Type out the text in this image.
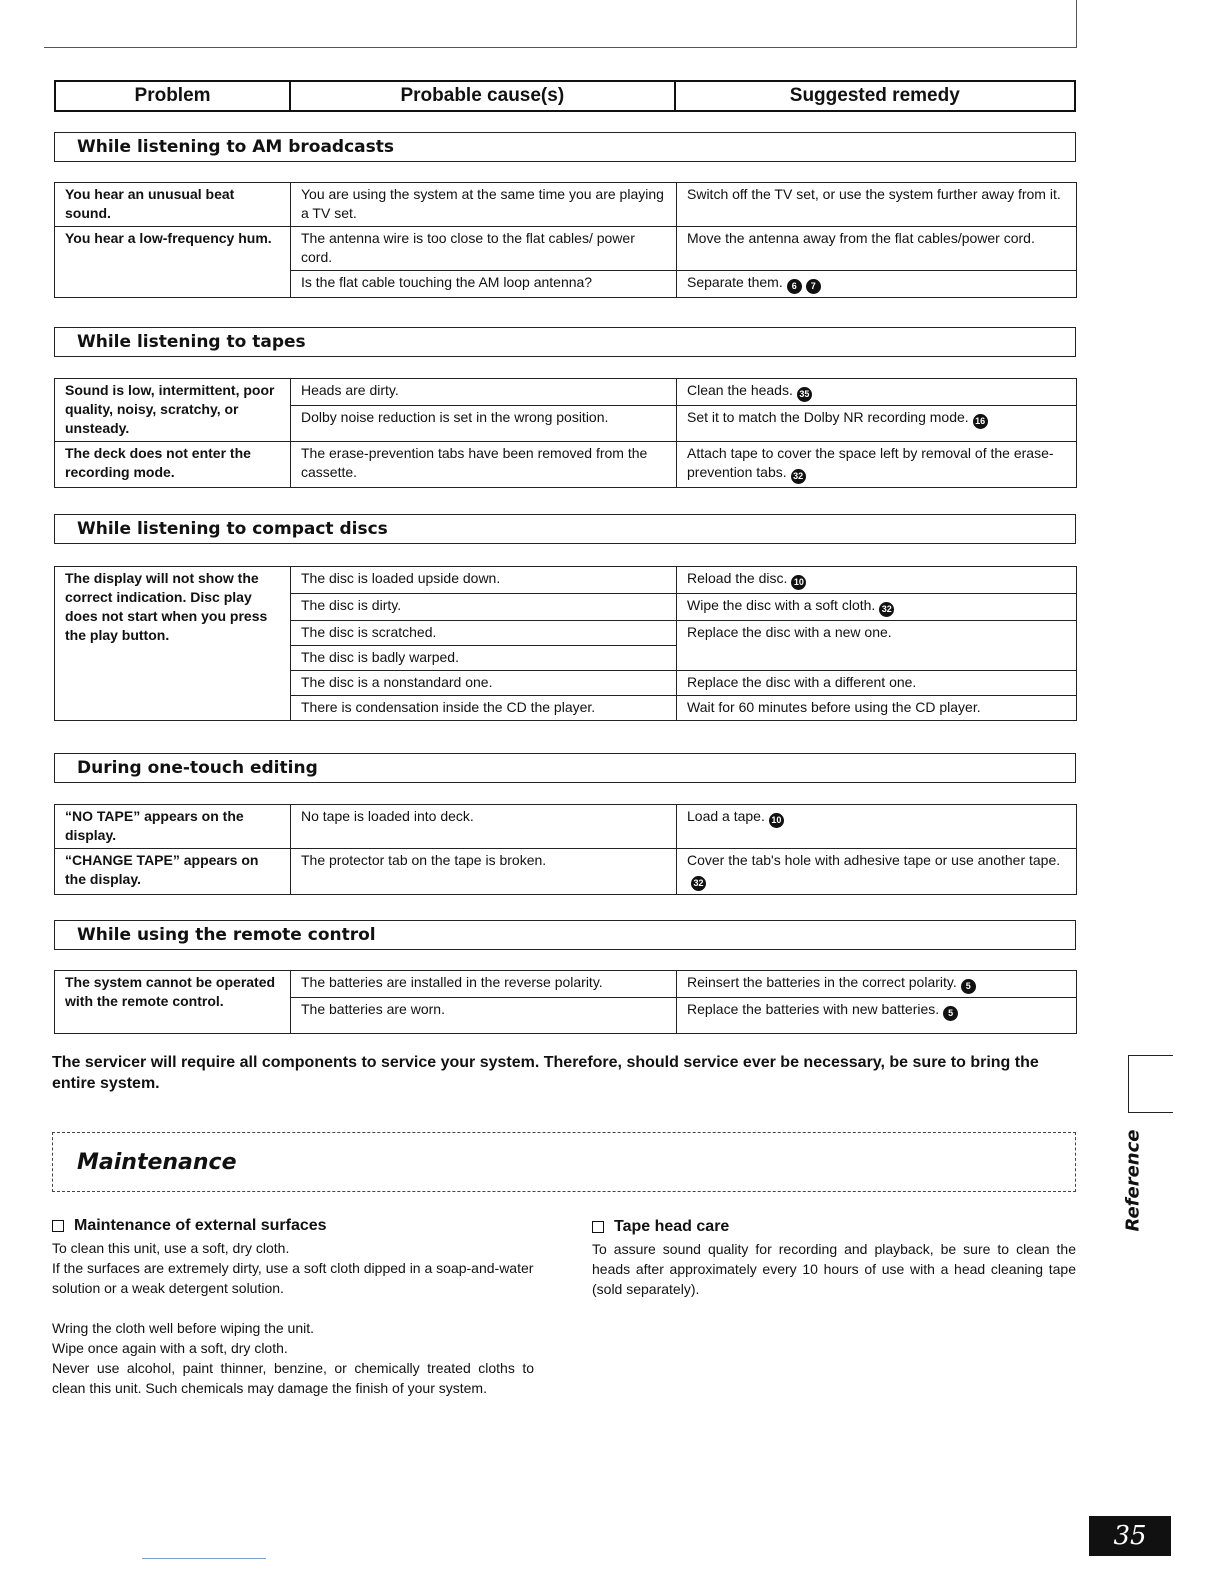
Problem	Probable cause(s)	Suggested remedy
While listening to AM broadcasts
You hear an unusual beat sound.	You are using the system at the same time you are playing a TV set.	Switch off the TV set, or use the system further away from it.
You hear a low-frequency hum.	The antenna wire is too close to the flat cables/ power cord.	Move the antenna away from the flat cables/power cord.
	Is the flat cable touching the AM loop antenna?	Separate them. 6 7
While listening to tapes
Sound is low, intermittent, poor quality, noisy, scratchy, or unsteady.	Heads are dirty.	Clean the heads. 35
	Dolby noise reduction is set in the wrong position.	Set it to match the Dolby NR recording mode. 16
The deck does not enter the recording mode.	The erase-prevention tabs have been removed from the cassette.	Attach tape to cover the space left by removal of the erase-prevention tabs. 32
While listening to compact discs
The display will not show the correct indication. Disc play does not start when you press the play button.	The disc is loaded upside down.	Reload the disc. 10
	The disc is dirty.	Wipe the disc with a soft cloth. 32
	The disc is scratched.	Replace the disc with a new one.
	The disc is badly warped.	
	The disc is a nonstandard one.	Replace the disc with a different one.
	There is condensation inside the CD the player.	Wait for 60 minutes before using the CD player.
During one-touch editing
“NO TAPE” appears on the display.	No tape is loaded into deck.	Load a tape. 10
“CHANGE TAPE” appears on the display.	The protector tab on the tape is broken.	Cover the tab's hole with adhesive tape or use another tape.32
While using the remote control
The system cannot be operated with the remote control.	The batteries are installed in the reverse polarity.	Reinsert the batteries in the correct polarity. 5
	The batteries are worn.	Replace the batteries with new batteries. 5
The servicer will require all components to service your system. Therefore, should service ever be necessary, be sure to bring the entire system.
Maintenance
Maintenance of external surfaces

To clean this unit, use a soft, dry cloth.

If the surfaces are extremely dirty, use a soft cloth dipped in a soap-and-water solution or a weak detergent solution.

Wring the cloth well before wiping the unit.

Wipe once again with a soft, dry cloth.

Never use alcohol, paint thinner, benzine, or chemically treated cloths to clean this unit. Such chemicals may damage the finish of your system.

Tape head care

To assure sound quality for recording and playback, be sure to clean the heads after approximately every 10 hours of use with a head cleaning tape (sold separately).

Reference
35
